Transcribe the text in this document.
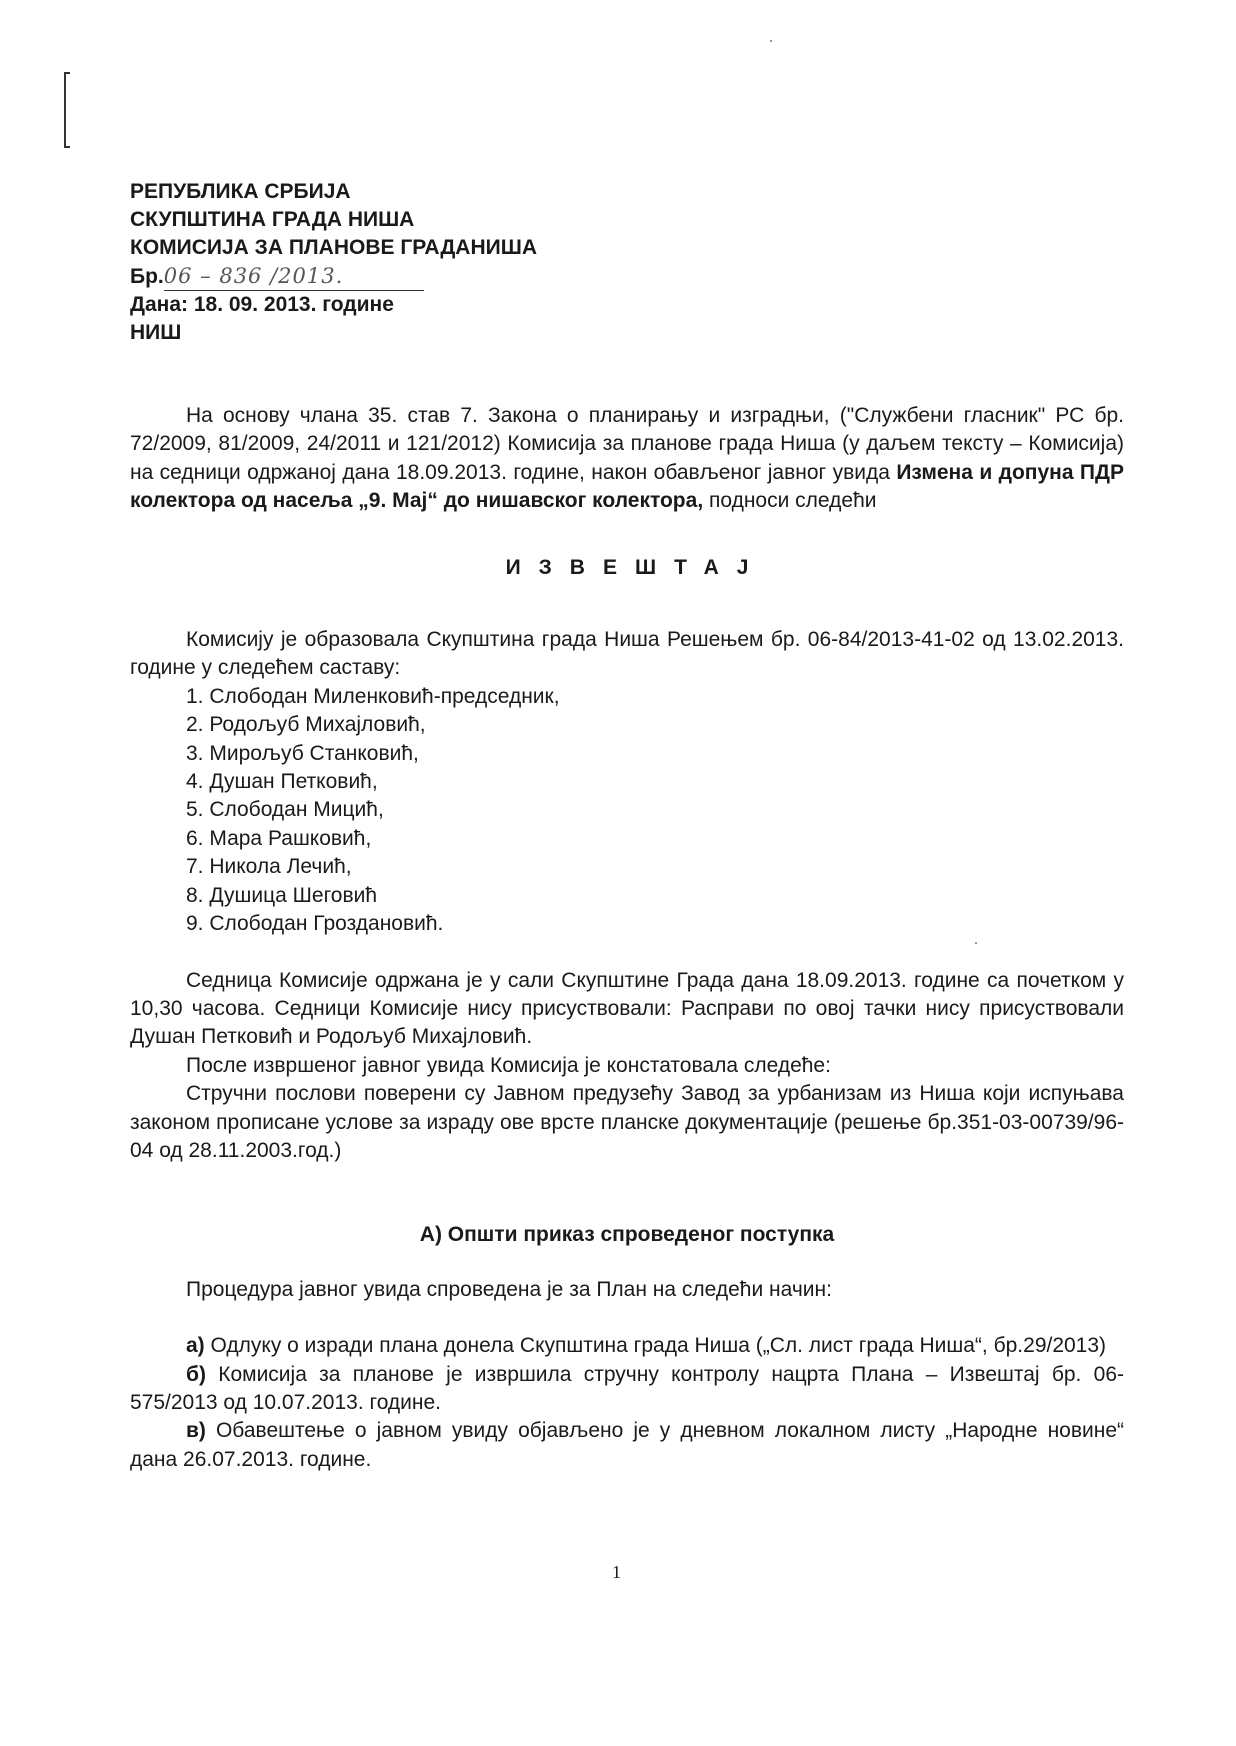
РЕПУБЛИКА СРБИЈА
СКУПШТИНА ГРАДА НИША
КОМИСИЈА ЗА ПЛАНОВЕ ГРАДАНИША
Бр.06 – 836 /2013.
Дана: 18. 09. 2013. године
НИШ

На основу члана 35. став 7. Закона о планирању и изградњи, ("Службени гласник" РС бр. 72/2009, 81/2009, 24/2011 и 121/2012) Комисија за планове града Ниша (у даљем тексту – Комисија) на седници одржаној дана 18.09.2013. године, након обављеног јавног увида Измена и допуна ПДР колектора од насеља „9. Мај“ до нишавског колектора, подноси следећи

ИЗВЕШТАЈ

Комисију је образовала Скупштина града Ниша Решењем бр. 06-84/2013-41-02 од 13.02.2013. године у следећем саставу:

1. Слободан Миленковић-председник,
2. Родољуб Михајловић,
3. Мирољуб Станковић,
4. Душан Петковић,
5. Слободан Мицић,
6. Мара Рашковић,
7. Никола Лечић,
8. Душица Шеговић
9. Слободан Гроздановић.

Седница Комисије одржана је у сали Скупштине Града дана 18.09.2013. године са почетком у 10,30 часова. Седници Комисије нису присуствовали: Расправи по овој тачки нису присуствовали Душан Петковић и Родољуб Михајловић.

После извршеног јавног увида Комисија је констатовала следеће:

Стручни послови поверени су Јавном предузећу Завод за урбанизам из Ниша који испуњава законом прописане услове за израду ове врсте планске документације (решење бр.351-03-00739/96-04 од 28.11.2003.год.)

А) Општи приказ спроведеног поступка

Процедура јавног увида спроведена је за План на следећи начин:

а) Одлуку о изради плана донела Скупштина града Ниша („Сл. лист града Ниша“, бр.29/2013)

б) Комисија за планове је извршила стручну контролу нацрта Плана – Извештај бр. 06-575/2013 од 10.07.2013. године.

в) Обавештење о јавном увиду објављено је у дневном локалном листу „Народне новине“ дана 26.07.2013. године.

1
